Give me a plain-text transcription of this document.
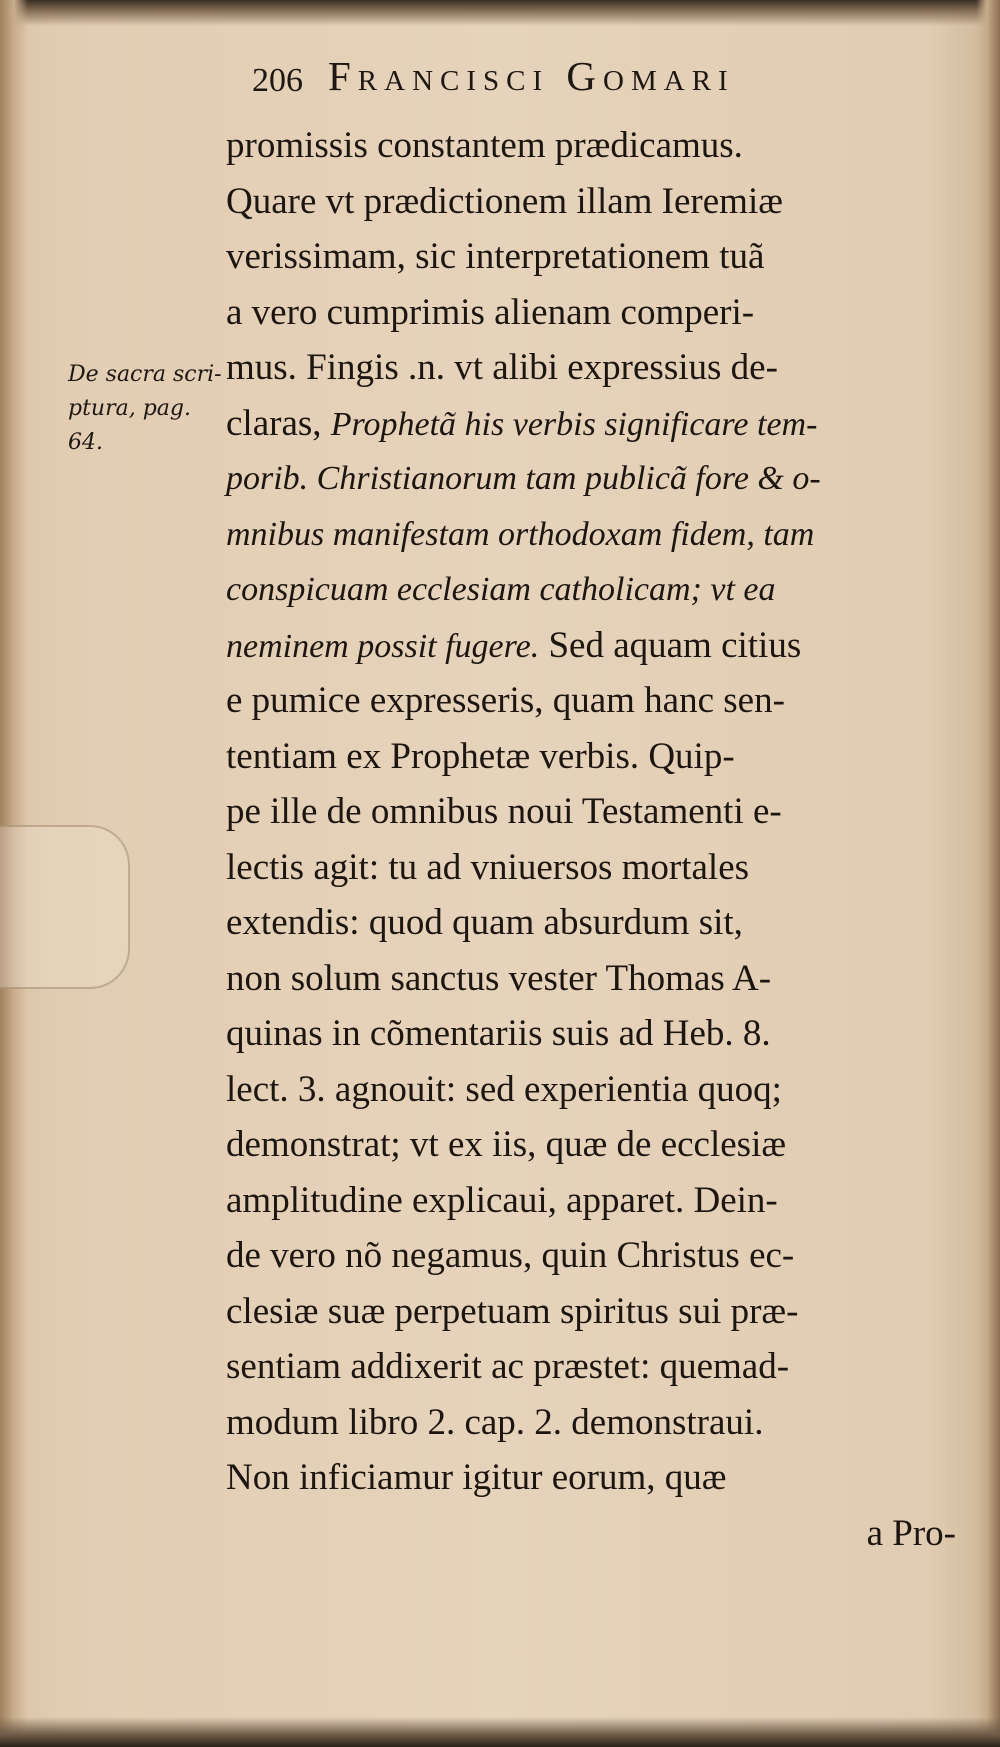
206 Francisci Gomari
De sacra scri-
ptura, pag.
64.
promissis constantem prædicamus.
Quare vt prædictionem illam Ieremiæ
verissimam, sic interpretationem tuã
a vero cumprimis alienam comperi-
mus. Fingis .n. vt alibi expressius de-
claras, Prophetã his verbis significare tem-
porib. Christianorum tam publicã fore & o-
mnibus manifestam orthodoxam fidem, tam
conspicuam ecclesiam catholicam; vt ea
neminem possit fugere. Sed aquam citius
e pumice expresseris, quam hanc sen-
tentiam ex Prophetæ verbis. Quip-
pe ille de omnibus noui Testamenti e-
lectis agit: tu ad vniuersos mortales
extendis: quod quam absurdum sit,
non solum sanctus vester Thomas A-
quinas in cõmentariis suis ad Heb. 8.
lect. 3. agnouit: sed experientia quoq;
demonstrat; vt ex iis, quæ de ecclesiæ
amplitudine explicaui, apparet. Dein-
de vero nõ negamus, quin Christus ec-
clesiæ suæ perpetuam spiritus sui præ-
sentiam addixerit ac præstet: quemad-
modum libro 2. cap. 2. demonstraui.
Non inficiamur igitur eorum, quæ
a Pro-
